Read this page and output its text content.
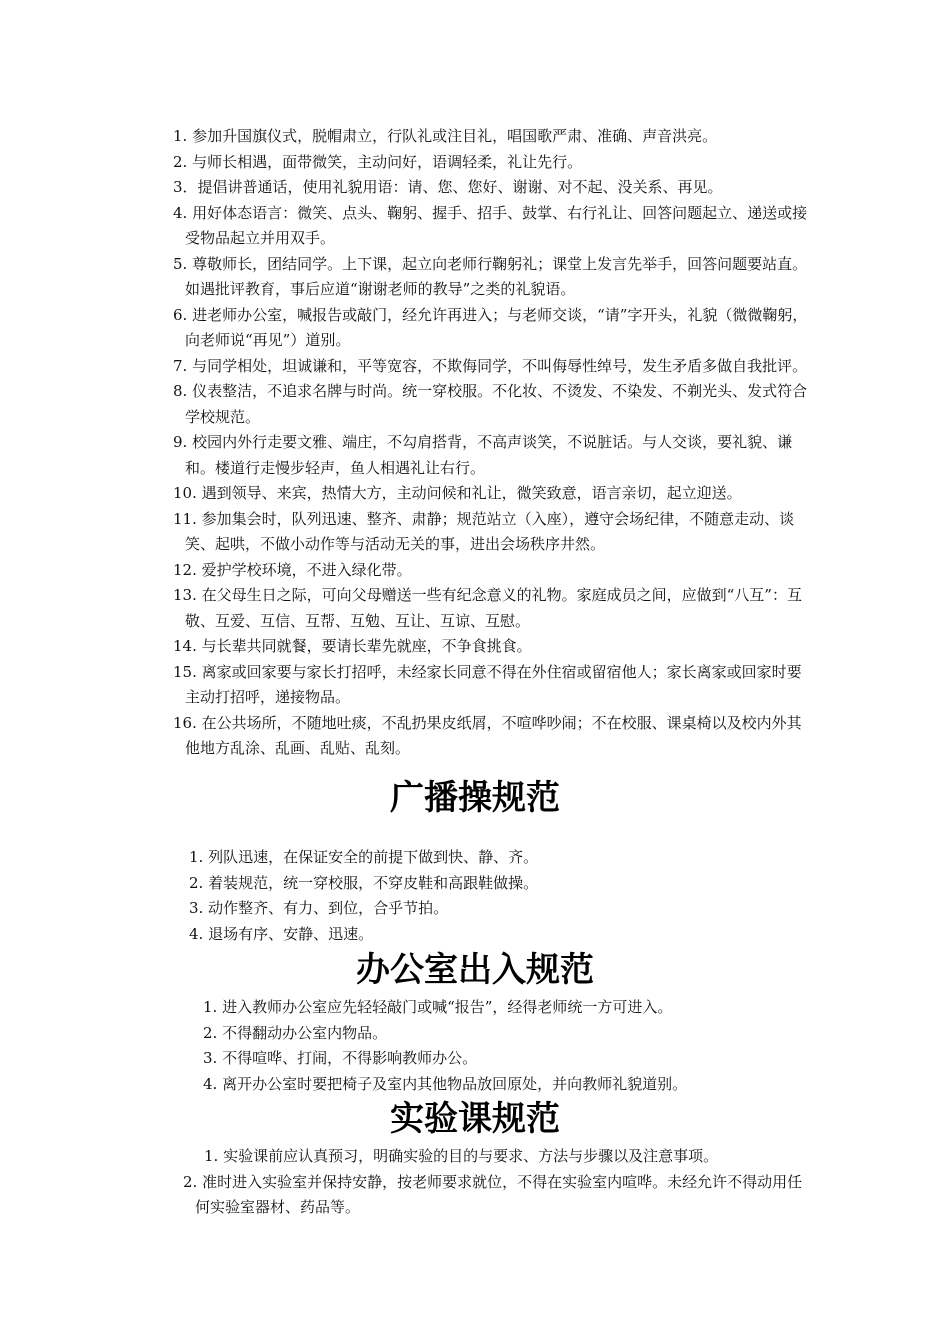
1. 参加升国旗仪式，脱帽肃立，行队礼或注目礼，唱国歌严肃、准确、声音洪亮。
2. 与师长相遇，面带微笑，主动问好，语调轻柔，礼让先行。
3．提倡讲普通话，使用礼貌用语：请、您、您好、谢谢、对不起、没关系、再见。
4. 用好体态语言：微笑、点头、鞠躬、握手、招手、鼓掌、右行礼让、回答问题起立、递送或接受物品起立并用双手。
5. 尊敬师长，团结同学。上下课，起立向老师行鞠躬礼；课堂上发言先举手，回答问题要站直。如遇批评教育，事后应道“谢谢老师的教导”之类的礼貌语。
6. 进老师办公室，喊报告或敲门，经允许再进入；与老师交谈，“请”字开头，礼貌（微微鞠躬，向老师说“再见”）道别。
7. 与同学相处，坦诚谦和，平等宽容，不欺侮同学，不叫侮辱性绰号，发生矛盾多做自我批评。
8. 仪表整洁，不追求名牌与时尚。统一穿校服。不化妆、不烫发、不染发、不剃光头、发式符合学校规范。
9. 校园内外行走要文雅、端庄，不勾肩搭背，不高声谈笑，不说脏话。与人交谈，要礼貌、谦和。楼道行走慢步轻声，鱼人相遇礼让右行。
10. 遇到领导、来宾，热情大方，主动问候和礼让，微笑致意，语言亲切，起立迎送。
11. 参加集会时，队列迅速、整齐、肃静；规范站立（入座），遵守会场纪律，不随意走动、谈笑、起哄，不做小动作等与活动无关的事，进出会场秩序井然。
12. 爱护学校环境，不进入绿化带。
13. 在父母生日之际，可向父母赠送一些有纪念意义的礼物。家庭成员之间，应做到“八互”：互敬、互爱、互信、互帮、互勉、互让、互谅、互慰。
14. 与长辈共同就餐，要请长辈先就座，不争食挑食。
15. 离家或回家要与家长打招呼，未经家长同意不得在外住宿或留宿他人；家长离家或回家时要主动打招呼，递接物品。
16. 在公共场所，不随地吐痰，不乱扔果皮纸屑，不喧哗吵闹；不在校服、课桌椅以及校内外其他地方乱涂、乱画、乱贴、乱刻。
广播操规范
1. 列队迅速，在保证安全的前提下做到快、静、齐。
2. 着装规范，统一穿校服，不穿皮鞋和高跟鞋做操。
3. 动作整齐、有力、到位，合乎节拍。
4. 退场有序、安静、迅速。
办公室出入规范
1. 进入教师办公室应先轻轻敲门或喊“报告”，经得老师统一方可进入。
2. 不得翻动办公室内物品。
3. 不得喧哗、打闹，不得影响教师办公。
4. 离开办公室时要把椅子及室内其他物品放回原处，并向教师礼貌道别。
实验课规范
1. 实验课前应认真预习，明确实验的目的与要求、方法与步骤以及注意事项。
2. 准时进入实验室并保持安静，按老师要求就位，不得在实验室内喧哗。未经允许不得动用任何实验室器材、药品等。
